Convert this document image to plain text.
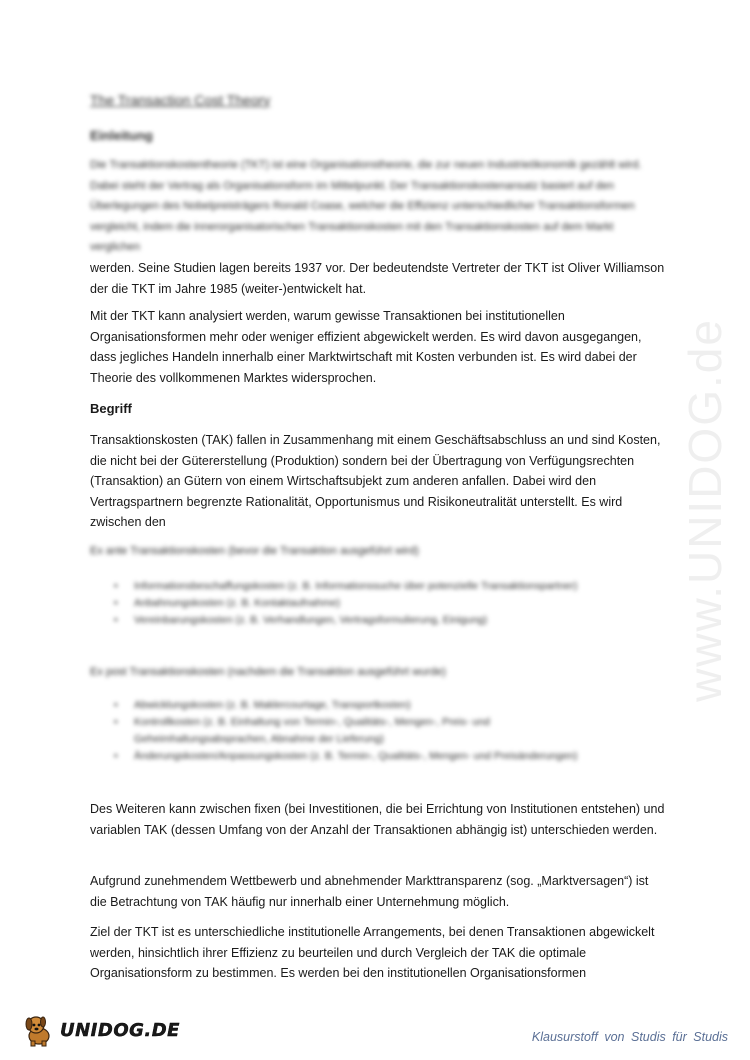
The Transaction Cost Theory
Einleitung

Die Transaktionskostentheorie (TKT) ist eine Organisationstheorie, die zur neuen Industrieökonomik gezählt wird. Dabei steht der Vertrag als Organisationsform im Mittelpunkt. Der Transaktionskostenansatz basiert auf den Überlegungen des Nobelpreisträgers Ronald Coase, welcher die Effizienz unterschiedlicher Transaktionsformen vergleicht, indem die innerorganisatorischen Transaktionskosten mit den Transaktionskosten auf dem Markt verglichen

werden. Seine Studien lagen bereits 1937 vor. Der bedeutendste Vertreter der TKT ist Oliver Williamson der die TKT im Jahre 1985 (weiter-)entwickelt hat.

Mit der TKT kann analysiert werden, warum gewisse Transaktionen bei institutionellen Organisationsformen mehr oder weniger effizient abgewickelt werden. Es wird davon ausgegangen, dass jegliches Handeln innerhalb einer Marktwirtschaft mit Kosten verbunden ist. Es wird dabei der Theorie des vollkommenen Marktes widersprochen.

Begriff

Transaktionskosten (TAK) fallen in Zusammenhang mit einem Geschäftsabschluss an und sind Kosten, die nicht bei der Gütererstellung (Produktion) sondern bei der Übertragung von Verfügungsrechten (Transaktion) an Gütern von einem Wirtschaftsubjekt zum anderen anfallen. Dabei wird den Vertragspartnern begrenzte Rationalität, Opportunismus und Risikoneutralität unterstellt. Es wird zwischen den

Ex ante Transaktionskosten (bevor die Transaktion ausgeführt wird)
• Informationsbeschaffungskosten (z. B. Informationssuche über potenzielle Transaktionspartner)
• Anbahnungskosten (z. B. Kontaktaufnahme)
• Vereinbarungskosten (z. B. Verhandlungen, Vertragsformulierung, Einigung)
Ex post Transaktionskosten (nachdem die Transaktion ausgeführt wurde)
• Abwicklungskosten (z. B. Maklercourtage, Transportkosten)
• Kontrollkosten (z. B. Einhaltung von Termin-, Qualitäts-, Mengen-, Preis- und Geheimhaltungsabsprachen, Abnahme der Lieferung)
• Änderungskosten/Anpassungskosten (z. B. Termin-, Qualitäts-, Mengen- und Preisänderungen)

Des Weiteren kann zwischen fixen (bei Investitionen, die bei Errichtung von Institutionen entstehen) und variablen TAK (dessen Umfang von der Anzahl der Transaktionen abhängig ist) unterschieden werden.

Aufgrund zunehmendem Wettbewerb und abnehmender Markttransparenz (sog. „Marktversagen“) ist die Betrachtung von TAK häufig nur innerhalb einer Unternehmung möglich.

Ziel der TKT ist es unterschiedliche institutionelle Arrangements, bei denen Transaktionen abgewickelt werden, hinsichtlich ihrer Effizienz zu beurteilen und durch Vergleich der TAK die optimale Organisationsform zu bestimmen. Es werden bei den institutionellen Organisationsformen

www.UNIDOG.de
UNIDOG.DE	Klausurstoff von Studis für Studis
